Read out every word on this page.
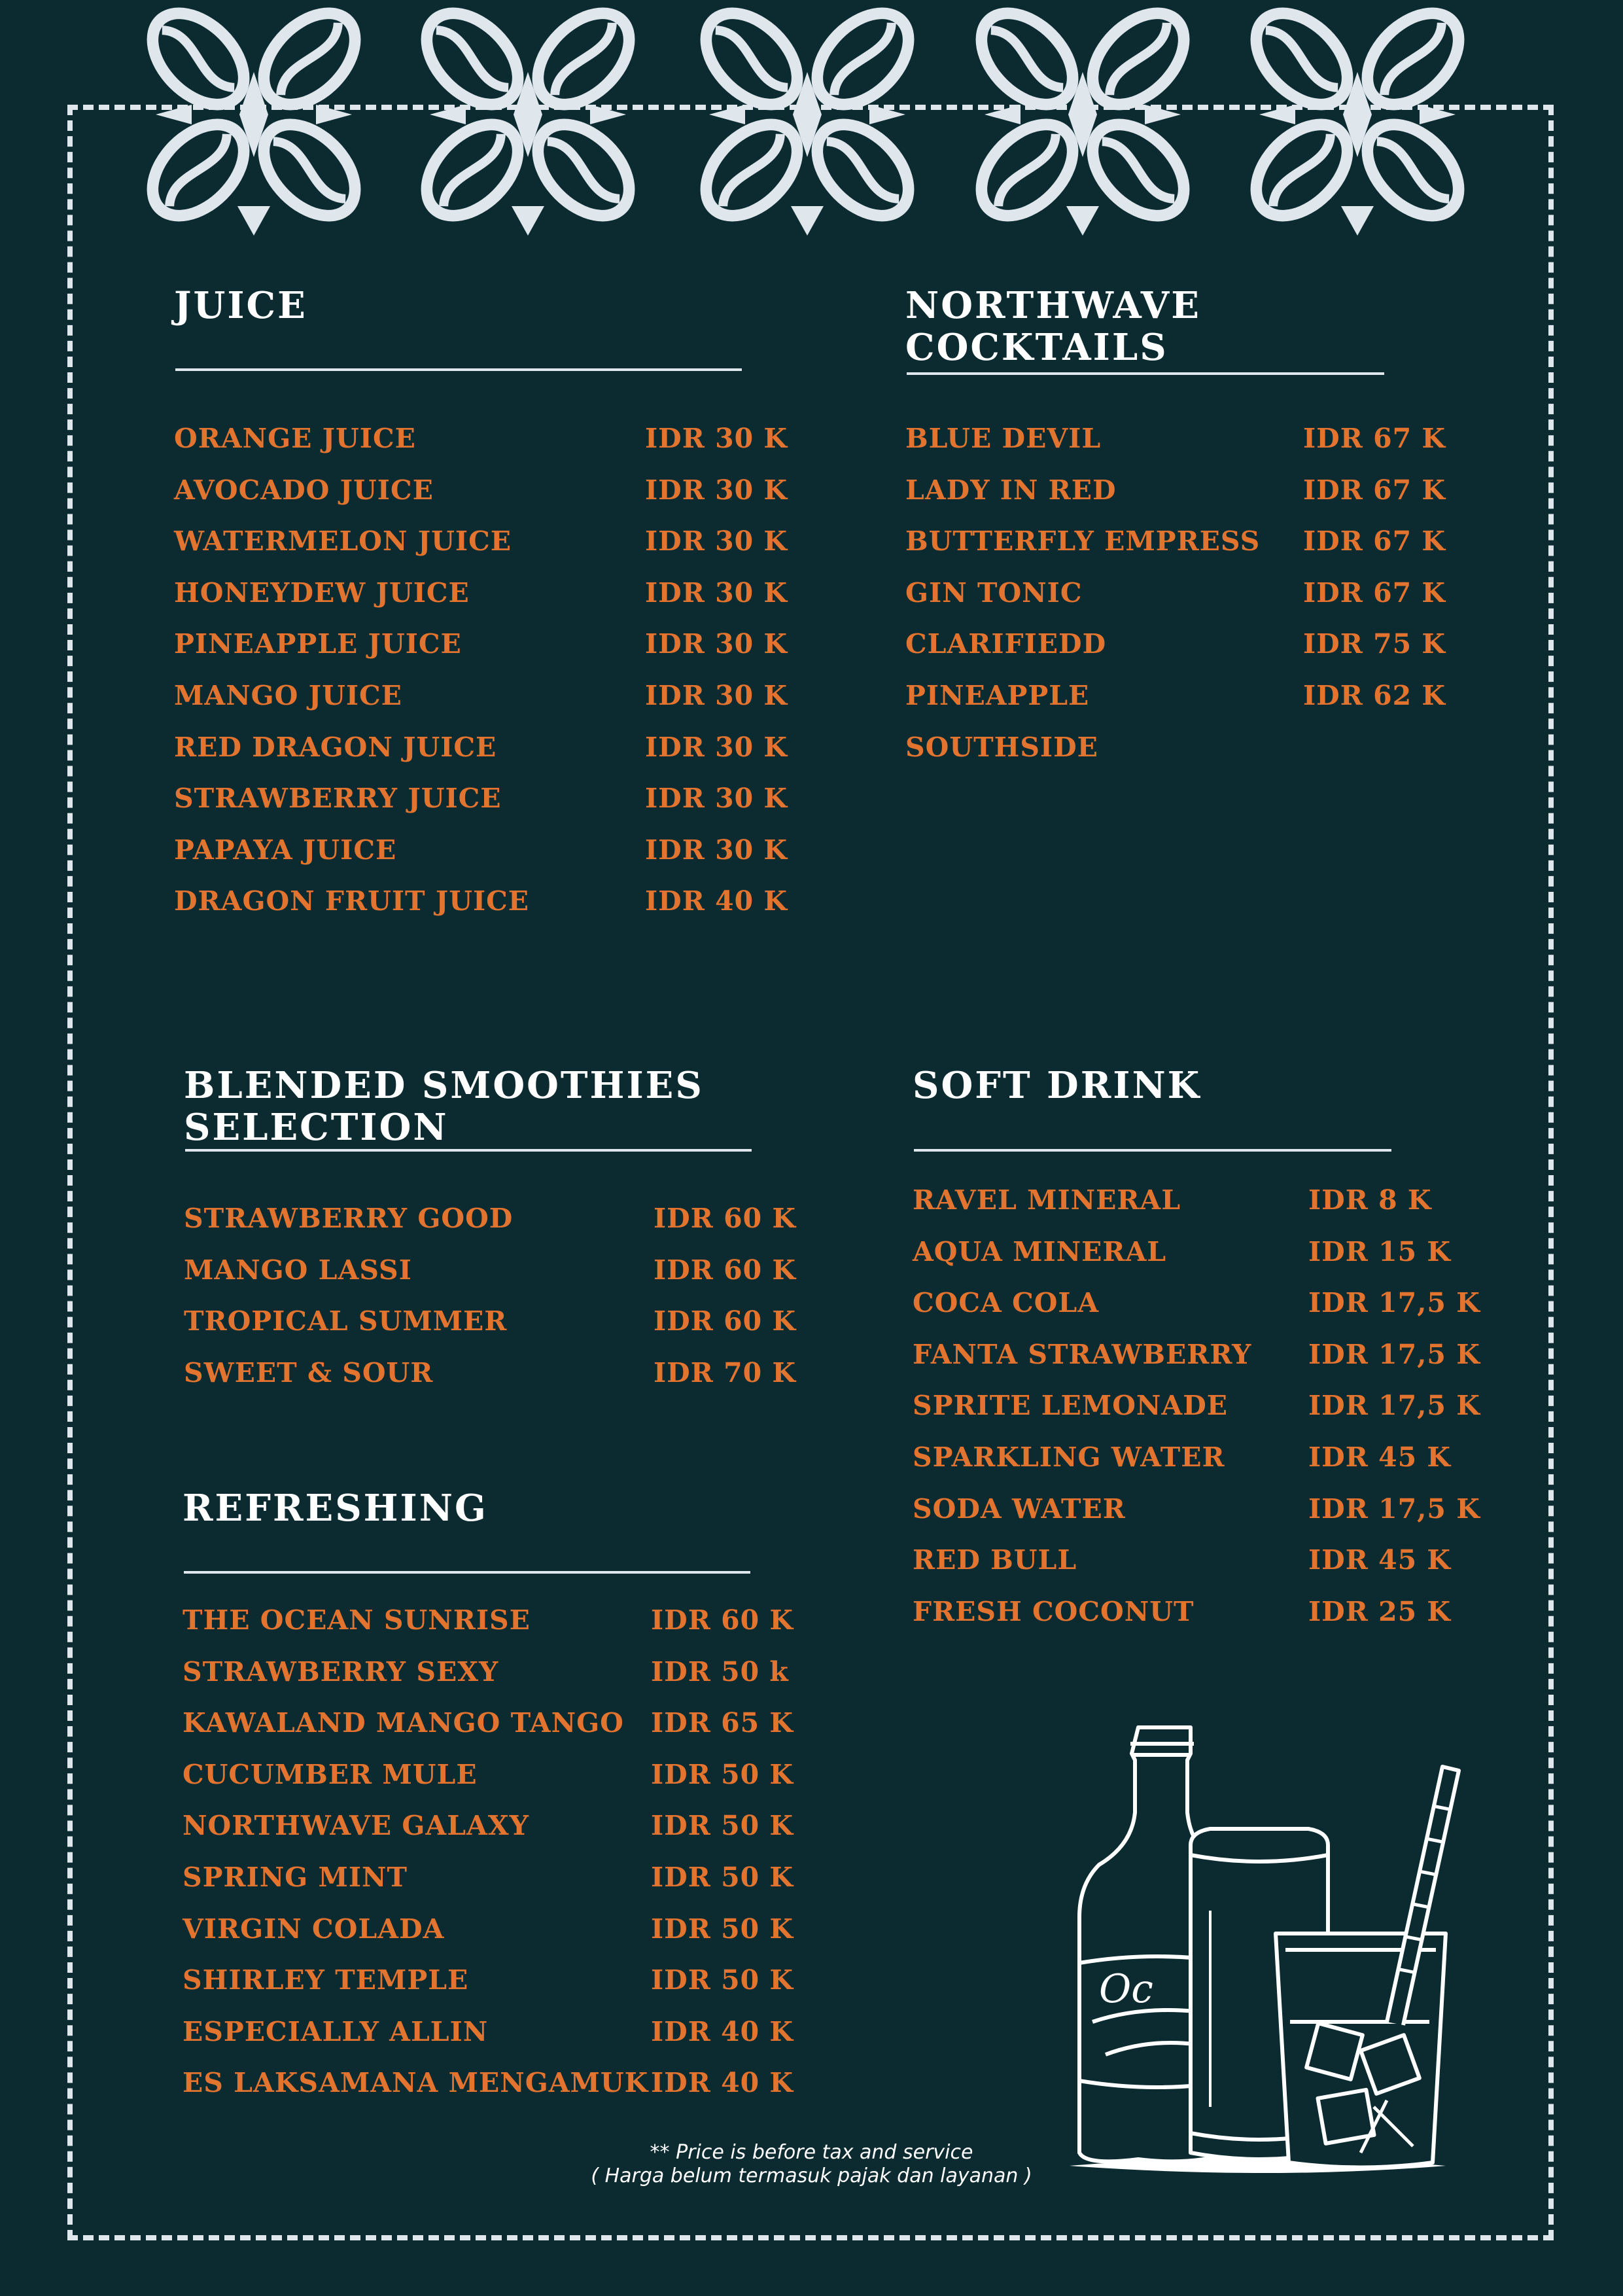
JUICE
ORANGE JUICE	IDR 30 K
AVOCADO JUICE	IDR 30 K
WATERMELON JUICE	IDR 30 K
HONEYDEW JUICE	IDR 30 K
PINEAPPLE JUICE	IDR 30 K
MANGO JUICE	IDR 30 K
RED DRAGON JUICE	IDR 30 K
STRAWBERRY JUICE	IDR 30 K
PAPAYA JUICE	IDR 30 K
DRAGON FRUIT JUICE	IDR 40 K
NORTHWAVE
COCKTAILS
BLUE DEVIL	IDR 67 K
LADY IN RED	IDR 67 K
BUTTERFLY EMPRESS IDR 67 K
GIN TONIC	IDR 67 K
CLARIFIEDD	IDR 75 K
PINEAPPLE	IDR 62 K
SOUTHSIDE
BLENDED SMOOTHIES
SELECTION
STRAWBERRY GOOD	IDR 60 K
MANGO LASSI	IDR 60 K
TROPICAL SUMMER	IDR 60 K
SWEET & SOUR	IDR 70 K
SOFT DRINK
RAVEL MINERAL	IDR 8 K
AQUA MINERAL	IDR 15 K
COCA COLA	IDR 17,5 K
FANTA STRAWBERRY IDR 17,5 K
SPRITE LEMONADE	IDR 17,5 K
SPARKLING WATER	IDR 45 K
SODA WATER	IDR 17,5 K
RED BULL	IDR 45 K
FRESH COCONUT	IDR 25 K
REFRESHING
THE OCEAN SUNRISE	IDR 60 K
STRAWBERRY SEXY	IDR 50 k
KAWALAND MANGO TANGO IDR 65 K
CUCUMBER MULE	IDR 50 K
NORTHWAVE GALAXY	IDR 50 K
SPRING MINT	IDR 50 K
VIRGIN COLADA	IDR 50 K
SHIRLEY TEMPLE	IDR 50 K
ESPECIALLY ALLIN	IDR 40 K
ES LAKSAMANA MENGAMUK IDR 40 K
Oc
** Price is before tax and service
( Harga belum termasuk pajak dan layanan )
